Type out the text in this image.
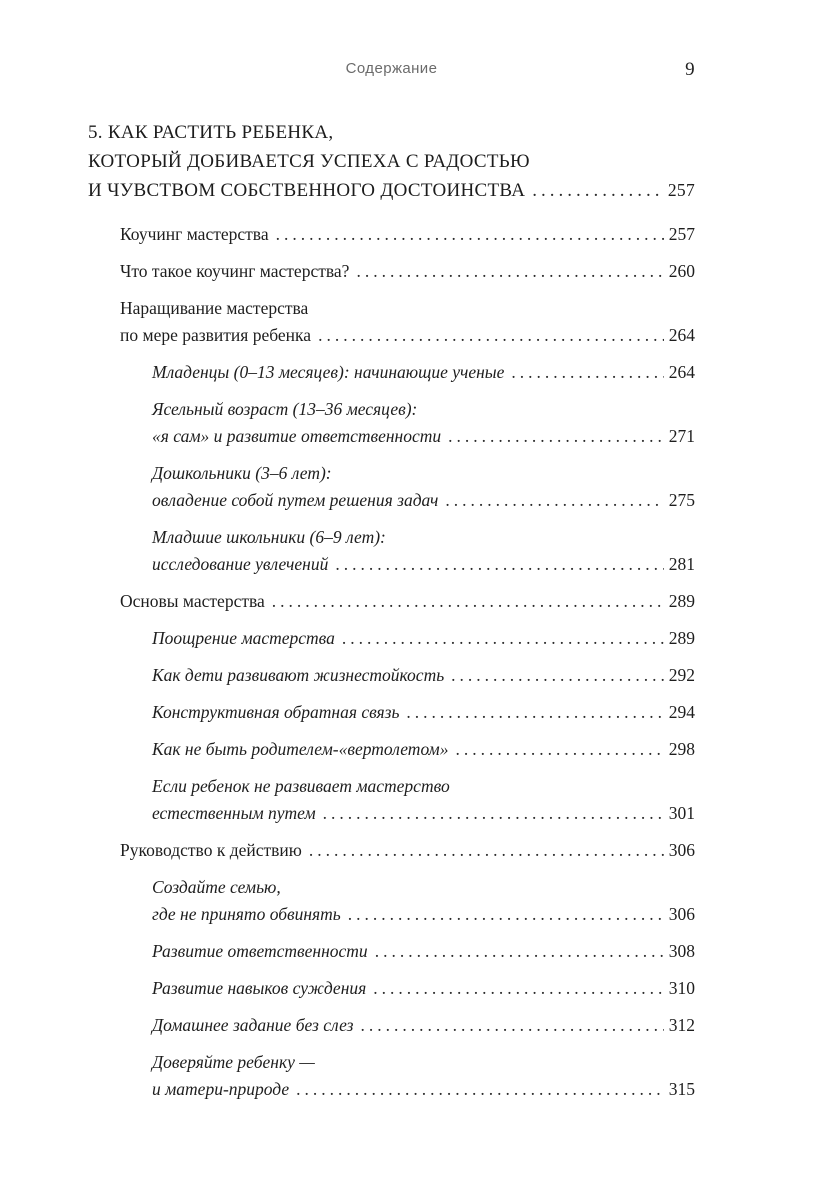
Содержание	9
5. КАК РАСТИТЬ РЕБЕНКА,
КОТОРЫЙ ДОБИВАЕТСЯ УСПЕХА С РАДОСТЬЮ
И ЧУВСТВОМ СОБСТВЕННОГО ДОСТОИНСТВА .....	257
Коучинг мастерства .....	257
Что такое коучинг мастерства? .....	260
Наращивание мастерства
по мере развития ребенка .....	264
Младенцы (0–13 месяцев): начинающие ученые .....	264
Ясельный возраст (13–36 месяцев):
«я сам» и развитие ответственности .....	271
Дошкольники (3–6 лет):
овладение собой путем решения задач .....	275
Младшие школьники (6–9 лет):
исследование увлечений .....	281
Основы мастерства .....	289
Поощрение мастерства .....	289
Как дети развивают жизнестойкость .....	292
Конструктивная обратная связь .....	294
Как не быть родителем-«вертолетом» .....	298
Если ребенок не развивает мастерство
естественным путем .....	301
Руководство к действию .....	306
Создайте семью,
где не принято обвинять .....	306
Развитие ответственности .....	308
Развитие навыков суждения .....	310
Домашнее задание без слез .....	312
Доверяйте ребенку —
и матери-природе .....	315
